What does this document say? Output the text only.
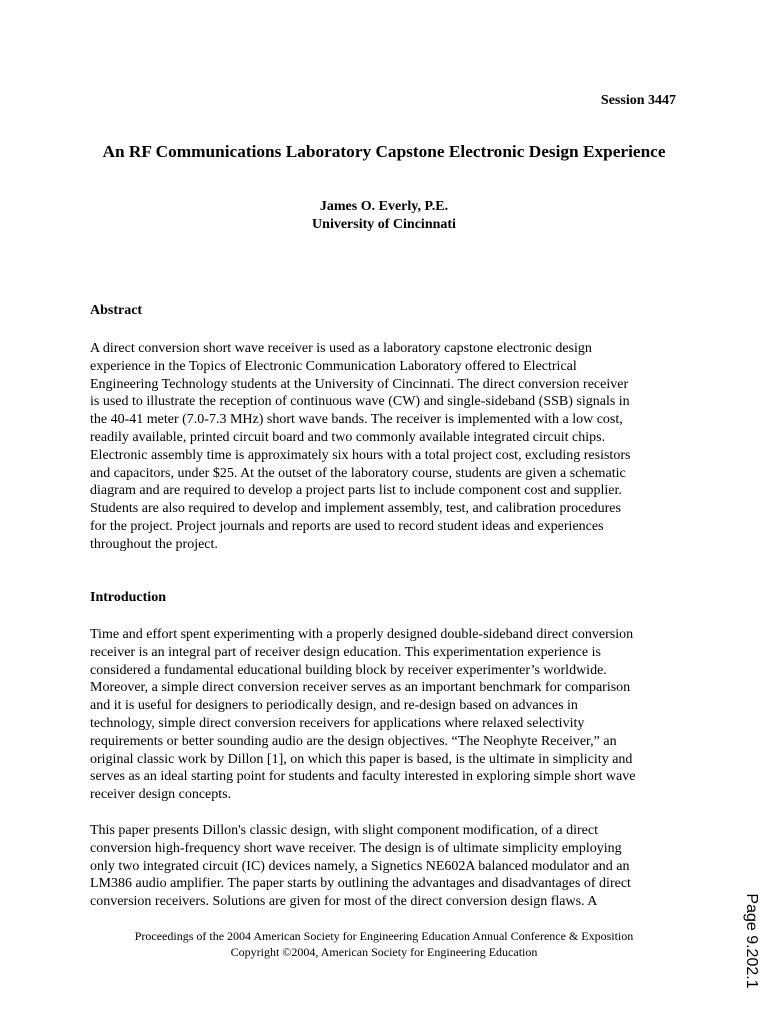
Session 3447
An RF Communications Laboratory Capstone Electronic Design Experience
James O. Everly, P.E.
University of Cincinnati
Abstract
A direct conversion short wave receiver is used as a laboratory capstone electronic design
experience in the Topics of Electronic Communication Laboratory offered to Electrical
Engineering Technology students at the University of Cincinnati. The direct conversion receiver
is used to illustrate the reception of continuous wave (CW) and single-sideband (SSB) signals in
the 40-41 meter (7.0-7.3 MHz) short wave bands. The receiver is implemented with a low cost,
readily available, printed circuit board and two commonly available integrated circuit chips.
Electronic assembly time is approximately six hours with a total project cost, excluding resistors
and capacitors, under $25. At the outset of the laboratory course, students are given a schematic
diagram and are required to develop a project parts list to include component cost and supplier.
Students are also required to develop and implement assembly, test, and calibration procedures
for the project. Project journals and reports are used to record student ideas and experiences
throughout the project.
Introduction
Time and effort spent experimenting with a properly designed double-sideband direct conversion
receiver is an integral part of receiver design education. This experimentation experience is
considered a fundamental educational building block by receiver experimenter’s worldwide.
Moreover, a simple direct conversion receiver serves as an important benchmark for comparison
and it is useful for designers to periodically design, and re-design based on advances in
technology, simple direct conversion receivers for applications where relaxed selectivity
requirements or better sounding audio are the design objectives. “The Neophyte Receiver,” an
original classic work by Dillon [1], on which this paper is based, is the ultimate in simplicity and
serves as an ideal starting point for students and faculty interested in exploring simple short wave
receiver design concepts.
This paper presents Dillon's classic design, with slight component modification, of a direct
conversion high-frequency short wave receiver. The design is of ultimate simplicity employing
only two integrated circuit (IC) devices namely, a Signetics NE602A balanced modulator and an
LM386 audio amplifier. The paper starts by outlining the advantages and disadvantages of direct
conversion receivers. Solutions are given for most of the direct conversion design flaws. A
Proceedings of the 2004 American Society for Engineering Education Annual Conference & Exposition
Copyright ©2004, American Society for Engineering Education	Page 9.202.1
